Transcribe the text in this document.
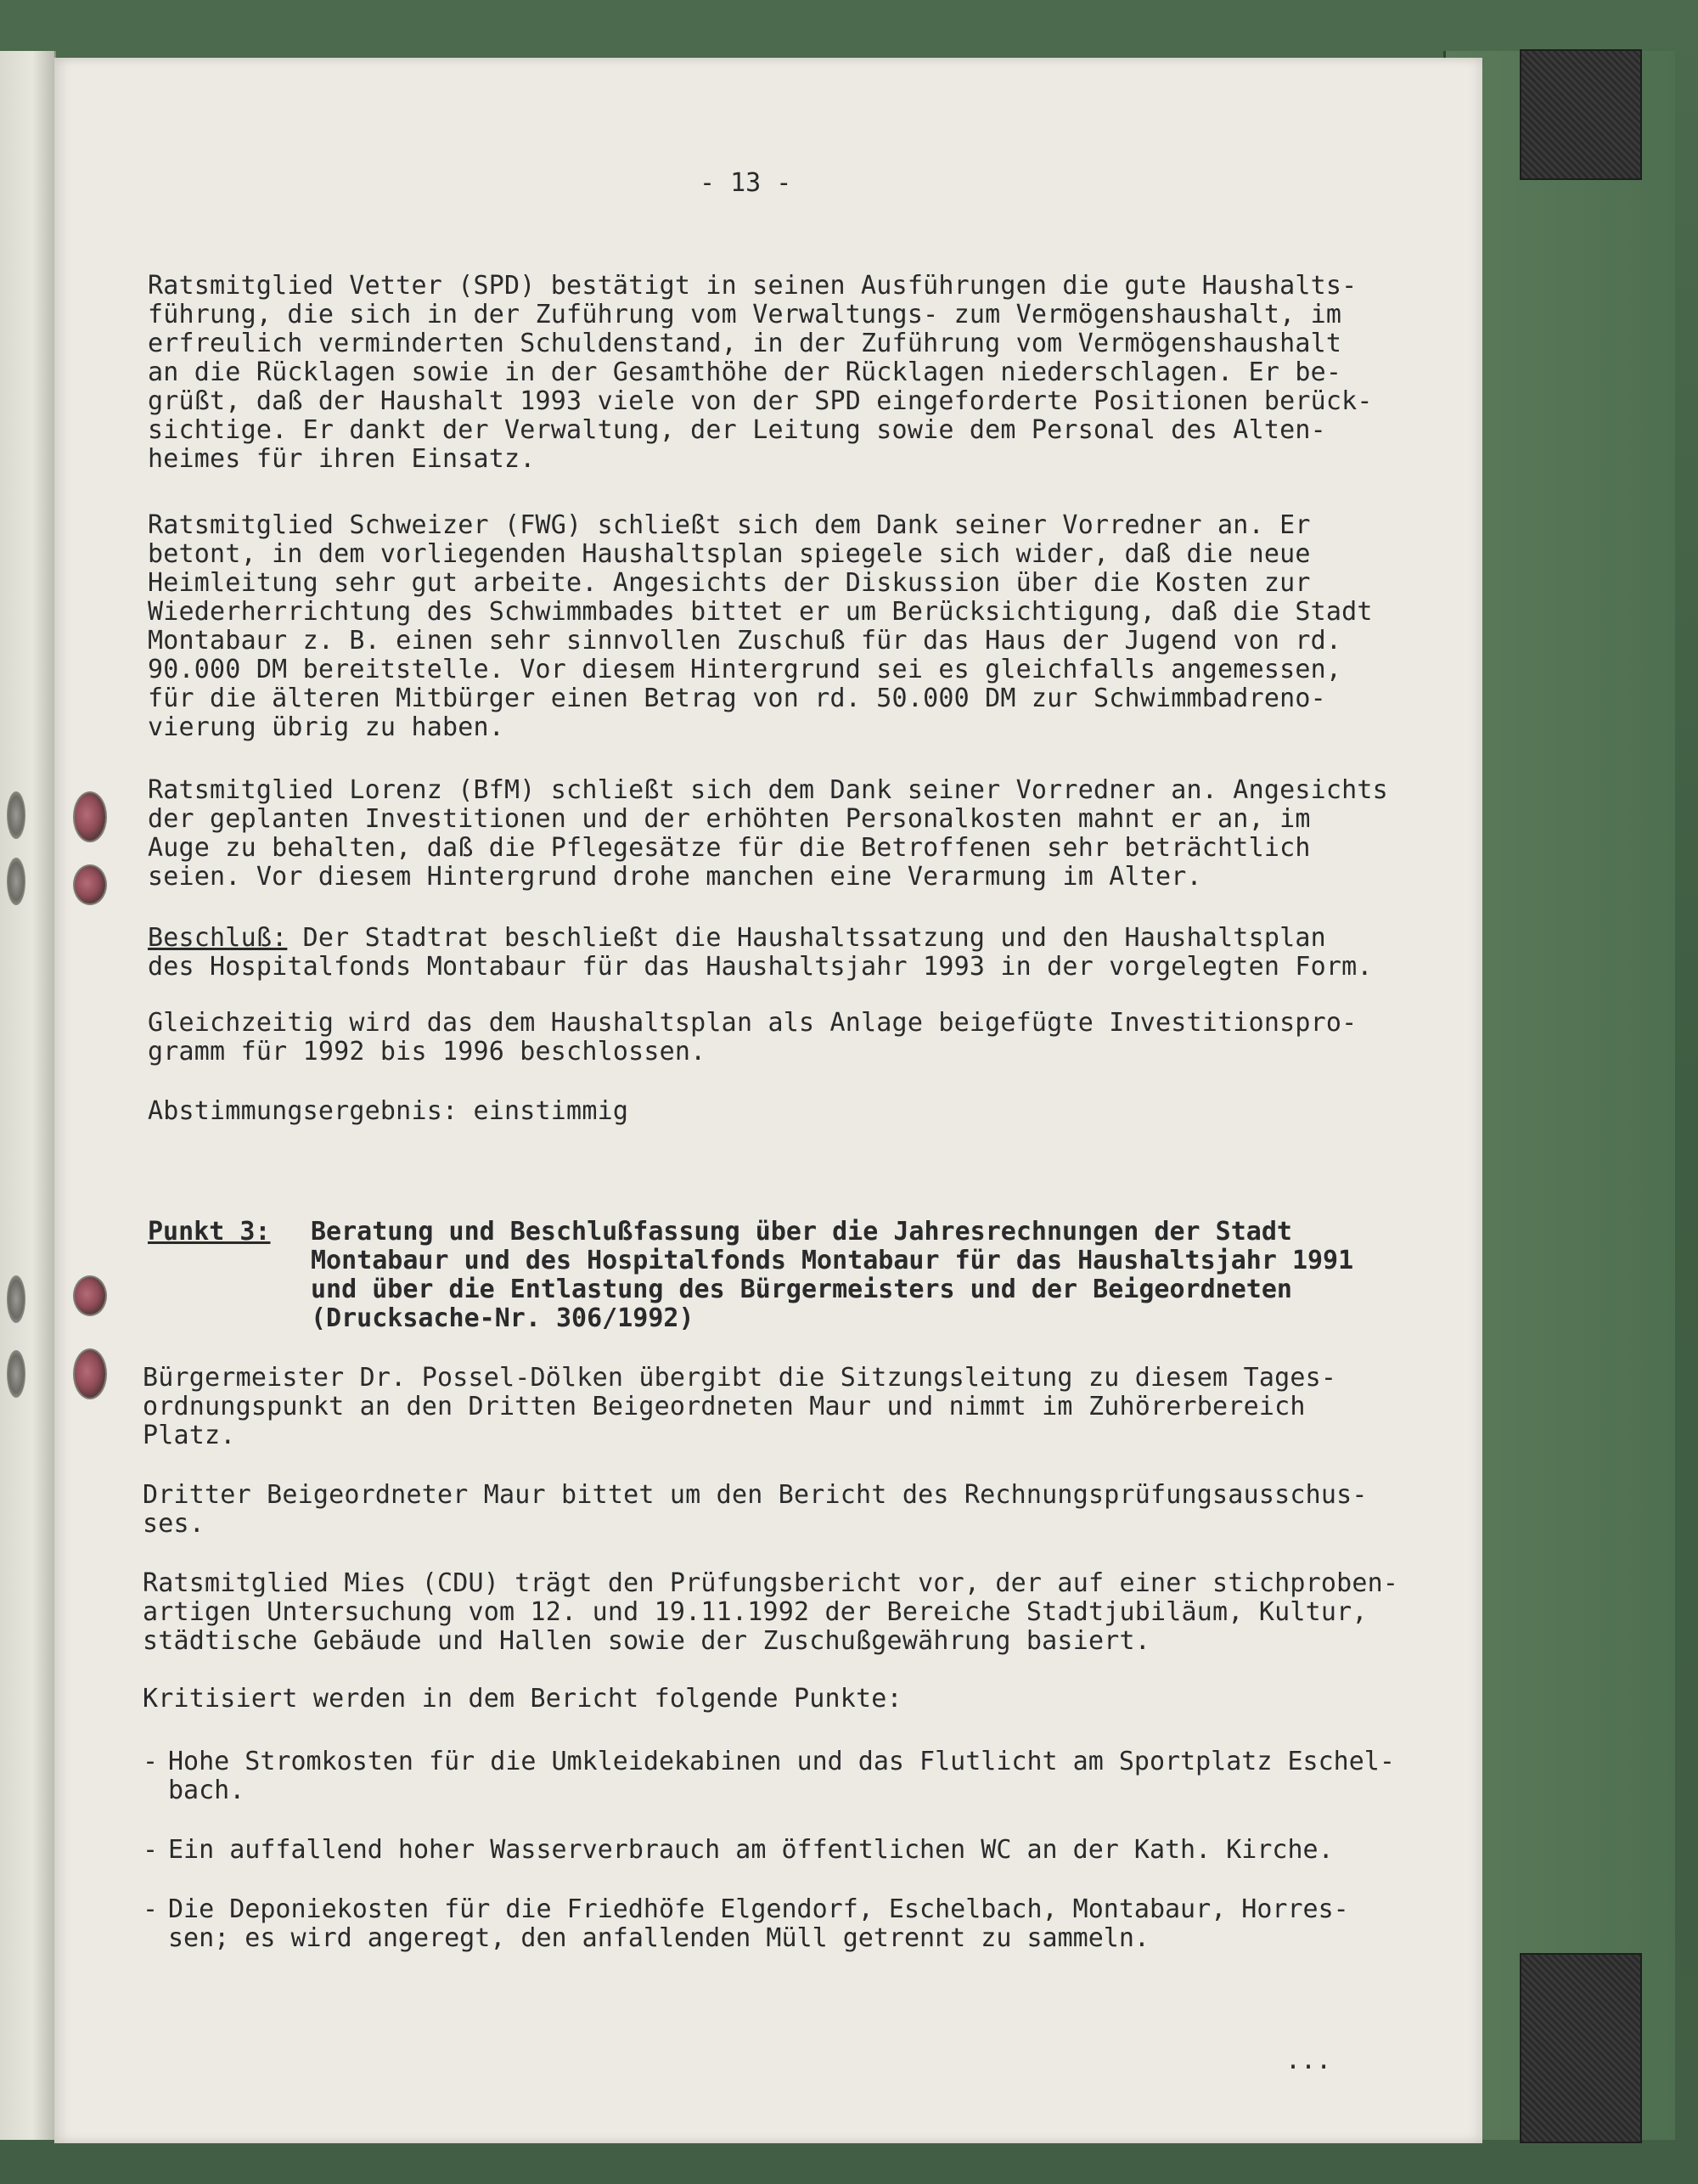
- 13 -

Ratsmitglied Vetter (SPD) bestätigt in seinen Ausführungen die gute Haushalts-
führung, die sich in der Zuführung vom Verwaltungs- zum Vermögenshaushalt, im
erfreulich verminderten Schuldenstand, in der Zuführung vom Vermögenshaushalt
an die Rücklagen sowie in der Gesamthöhe der Rücklagen niederschlagen. Er be-
grüßt, daß der Haushalt 1993 viele von der SPD eingeforderte Positionen berück-
sichtige. Er dankt der Verwaltung, der Leitung sowie dem Personal des Alten-
heimes für ihren Einsatz.

Ratsmitglied Schweizer (FWG) schließt sich dem Dank seiner Vorredner an. Er
betont, in dem vorliegenden Haushaltsplan spiegele sich wider, daß die neue
Heimleitung sehr gut arbeite. Angesichts der Diskussion über die Kosten zur
Wiederherrichtung des Schwimmbades bittet er um Berücksichtigung, daß die Stadt
Montabaur z. B. einen sehr sinnvollen Zuschuß für das Haus der Jugend von rd.
90.000 DM bereitstelle. Vor diesem Hintergrund sei es gleichfalls angemessen,
für die älteren Mitbürger einen Betrag von rd. 50.000 DM zur Schwimmbadreno-
vierung übrig zu haben.

Ratsmitglied Lorenz (BfM) schließt sich dem Dank seiner Vorredner an. Angesichts
der geplanten Investitionen und der erhöhten Personalkosten mahnt er an, im
Auge zu behalten, daß die Pflegesätze für die Betroffenen sehr beträchtlich
seien. Vor diesem Hintergrund drohe manchen eine Verarmung im Alter.

Beschluß: Der Stadtrat beschließt die Haushaltssatzung und den Haushaltsplan
des Hospitalfonds Montabaur für das Haushaltsjahr 1993 in der vorgelegten Form.

Gleichzeitig wird das dem Haushaltsplan als Anlage beigefügte Investitionspro-
gramm für 1992 bis 1996 beschlossen.

Abstimmungsergebnis: einstimmig

Punkt 3: Beratung und Beschlußfassung über die Jahresrechnungen der Stadt
Montabaur und des Hospitalfonds Montabaur für das Haushaltsjahr 1991
und über die Entlastung des Bürgermeisters und der Beigeordneten
(Drucksache-Nr. 306/1992)

Bürgermeister Dr. Possel-Dölken übergibt die Sitzungsleitung zu diesem Tages-
ordnungspunkt an den Dritten Beigeordneten Maur und nimmt im Zuhörerbereich
Platz.

Dritter Beigeordneter Maur bittet um den Bericht des Rechnungsprüfungsausschus-
ses.

Ratsmitglied Mies (CDU) trägt den Prüfungsbericht vor, der auf einer stichproben-
artigen Untersuchung vom 12. und 19.11.1992 der Bereiche Stadtjubiläum, Kultur,
städtische Gebäude und Hallen sowie der Zuschußgewährung basiert.

Kritisiert werden in dem Bericht folgende Punkte:

- Hohe Stromkosten für die Umkleidekabinen und das Flutlicht am Sportplatz Eschel-
bach.
- Ein auffallend hoher Wasserverbrauch am öffentlichen WC an der Kath. Kirche.
- Die Deponiekosten für die Friedhöfe Elgendorf, Eschelbach, Montabaur, Horres-
sen; es wird angeregt, den anfallenden Müll getrennt zu sammeln.
...
